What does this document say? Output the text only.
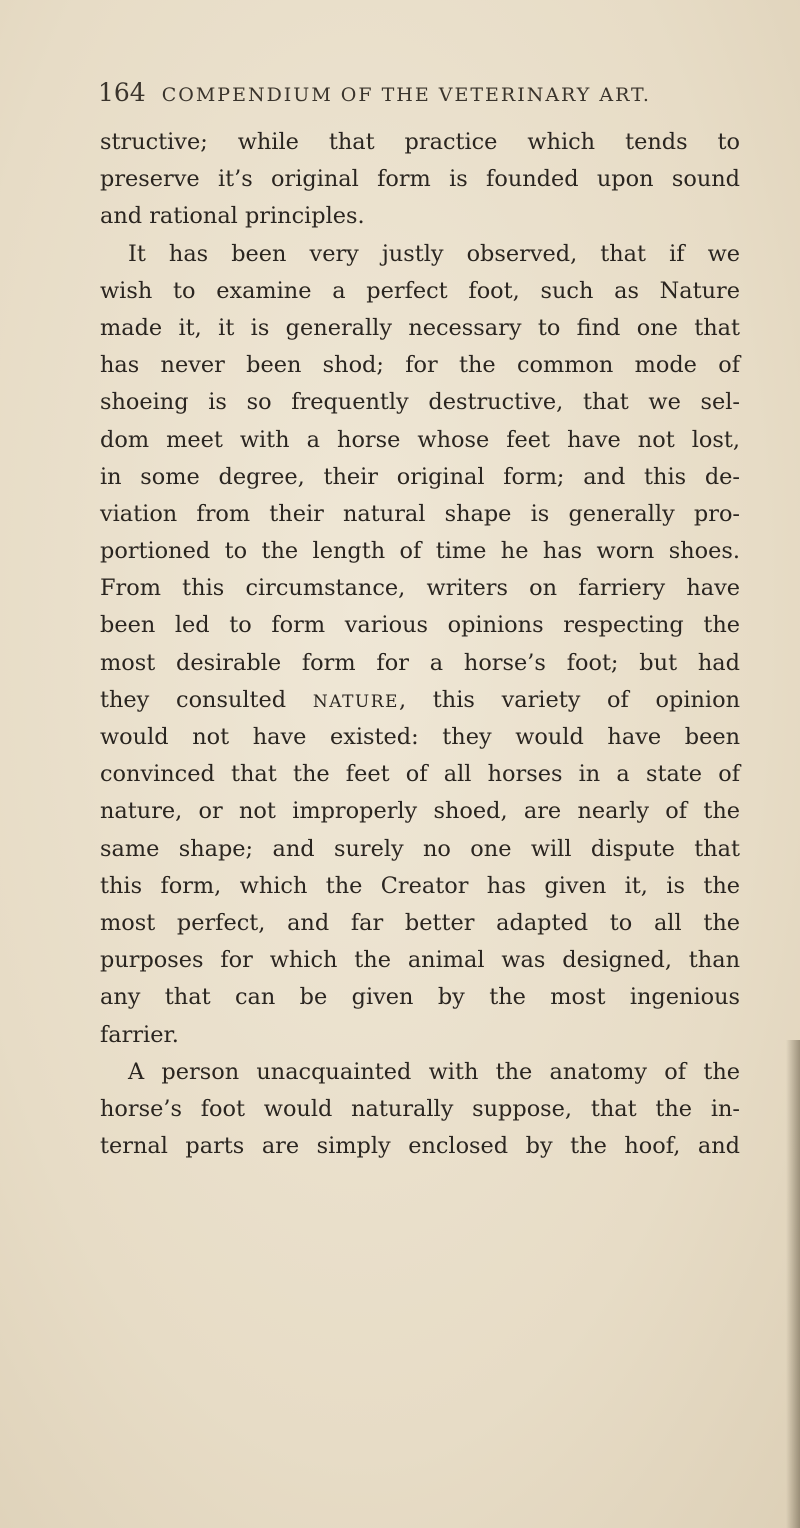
164 COMPENDIUM OF THE VETERINARY ART.
structive; while that practice which tends to
preserve it’s original form is founded upon sound
and rational principles.
It has been very justly observed, that if we
wish to examine a perfect foot, such as Nature
made it, it is generally necessary to find one that
has never been shod; for the common mode of
shoeing is so frequently destructive, that we sel-
dom meet with a horse whose feet have not lost,
in some degree, their original form; and this de-
viation from their natural shape is generally pro-
portioned to the length of time he has worn shoes.
From this circumstance, writers on farriery have
been led to form various opinions respecting the
most desirable form for a horse’s foot; but had
they consulted NATURE, this variety of opinion
would not have existed: they would have been
convinced that the feet of all horses in a state of
nature, or not improperly shoed, are nearly of the
same shape; and surely no one will dispute that
this form, which the Creator has given it, is the
most perfect, and far better adapted to all the
purposes for which the animal was designed, than
any that can be given by the most ingenious
farrier.
A person unacquainted with the anatomy of the
horse’s foot would naturally suppose, that the in-
ternal parts are simply enclosed by the hoof, and
